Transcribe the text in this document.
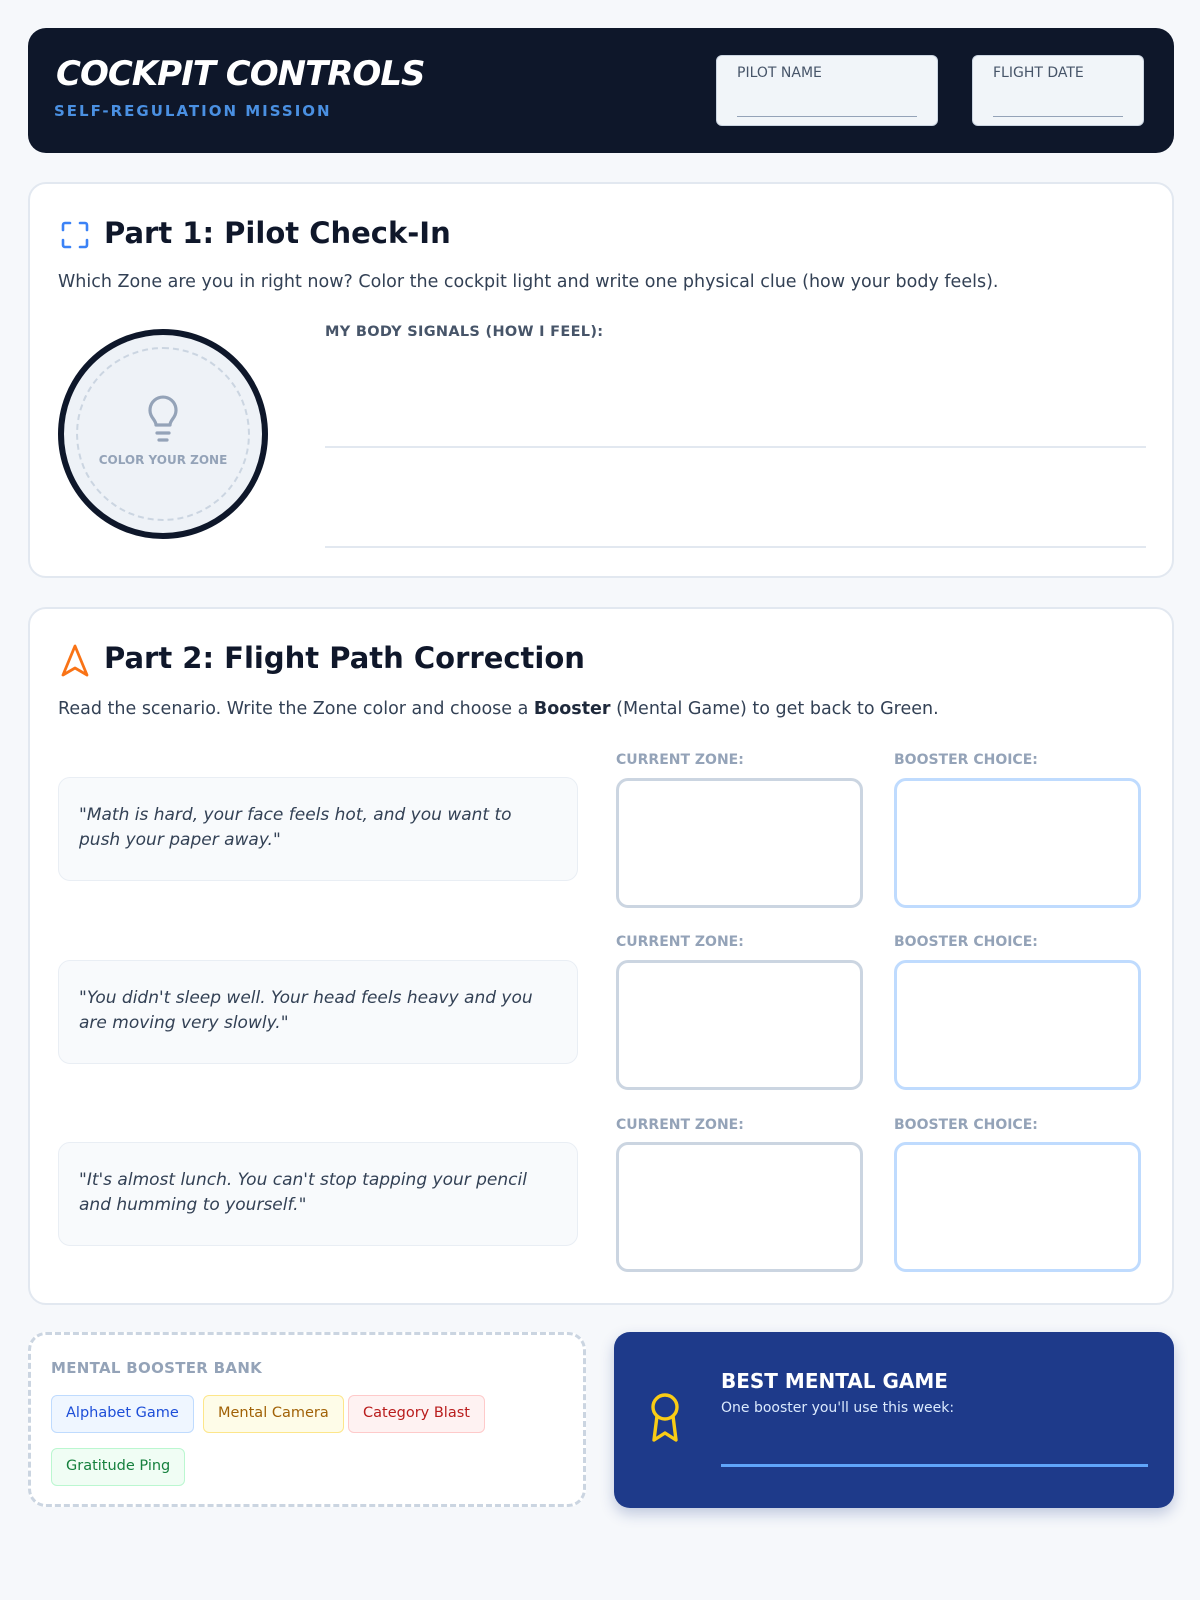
COCKPIT CONTROLS
SELF-REGULATION MISSION
PILOT NAME	FLIGHT DATE
Part 1: Pilot Check-In
Which Zone are you in right now? Color the cockpit light and write one physical clue (how your body feels).
COLOR YOUR ZONE
MY BODY SIGNALS (HOW I FEEL):
Part 2: Flight Path Correction
Read the scenario. Write the Zone color and choose a Booster (Mental Game) to get back to Green.
"Math is hard, your face feels hot, and you want to push your paper away."
CURRENT ZONE:	BOOSTER CHOICE:
"You didn't sleep well. Your head feels heavy and you are moving very slowly."
CURRENT ZONE:	BOOSTER CHOICE:
"It's almost lunch. You can't stop tapping your pencil and humming to yourself."
CURRENT ZONE:	BOOSTER CHOICE:
MENTAL BOOSTER BANK
Alphabet Game	Mental Camera	Category Blast
Gratitude Ping
BEST MENTAL GAME
One booster you'll use this week:
